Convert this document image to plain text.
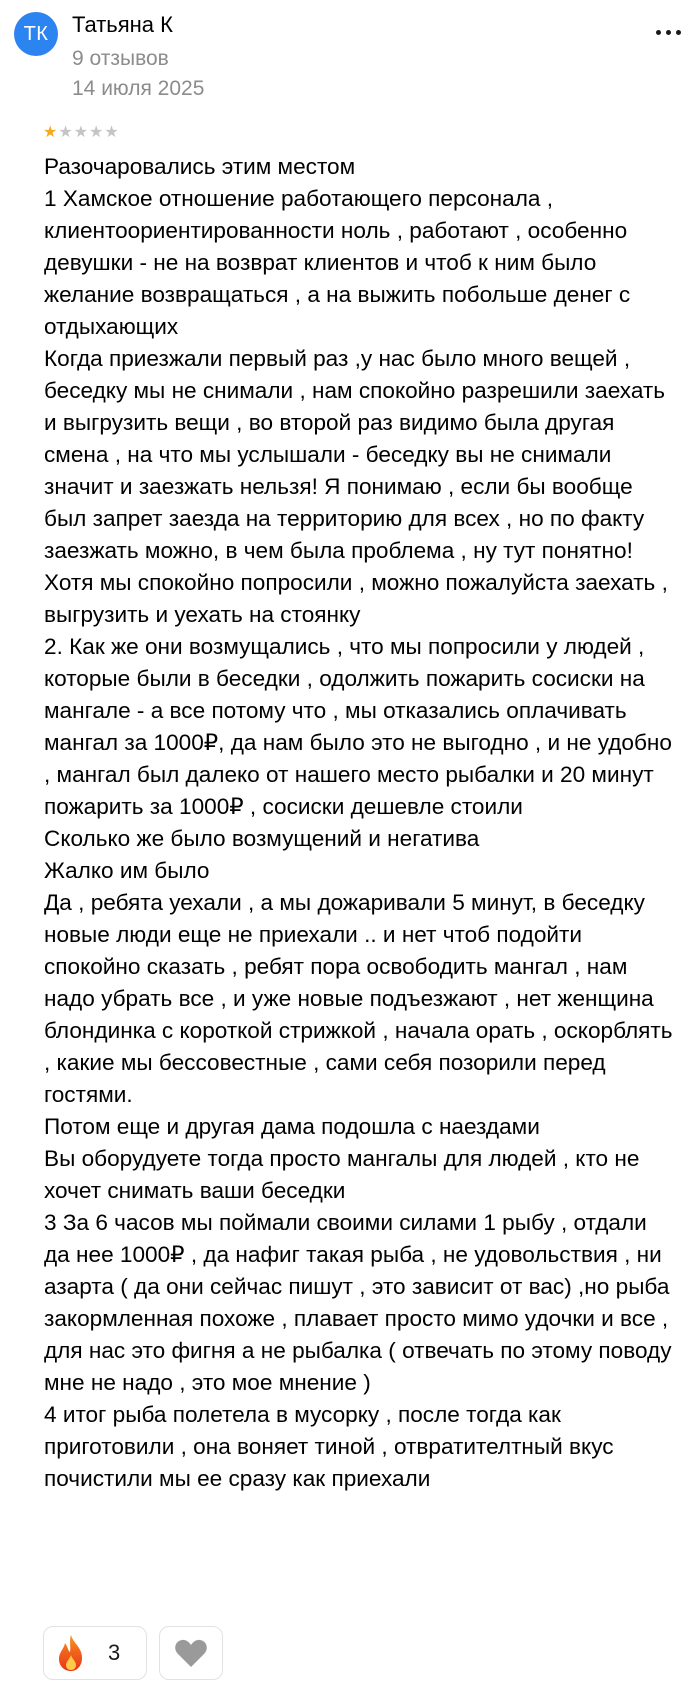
ТК	Татьяна К
9 отзывов
14 июля 2025
★ ★ ★ ★ ★

Разочаровались этим местом

1 Хамское отношение работающего персонала , клиентоориентированности ноль , работают , особенно девушки - не на возврат клиентов и чтоб к ним было желание возвращаться , а на выжить побольше денег с отдыхающих

Когда приезжали первый раз ,у нас было много вещей , беседку мы не снимали , нам спокойно разрешили заехать и выгрузить вещи , во второй раз видимо была другая смена , на что мы услышали - беседку вы не снимали значит и заезжать нельзя! Я понимаю , если бы вообще был запрет заезда на территорию для всех , но по факту заезжать можно, в чем была проблема , ну тут понятно!

Хотя мы спокойно попросили , можно пожалуйста заехать , выгрузить и уехать на стоянку

2. Как же они возмущались , что мы попросили у людей , которые были в беседки , одолжить пожарить сосиски на мангале - а все потому что , мы отказались оплачивать мангал за 1000₽, да нам было это не выгодно , и не удобно , мангал был далеко от нашего место рыбалки и 20 минут пожарить за 1000₽ , сосиски дешевле стоили

Сколько же было возмущений и негатива

Жалко им было

Да , ребята уехали , а мы дожаривали 5 минут, в беседку новые люди еще не приехали .. и нет чтоб подойти спокойно сказать , ребят пора освободить мангал , нам надо убрать все , и уже новые подъезжают , нет женщина блондинка с короткой стрижкой , начала орать , оскорблять , какие мы бессовестные , сами себя позорили перед гостями.

Потом еще и другая дама подошла с наездами

Вы оборудуете тогда просто мангалы для людей , кто не хочет снимать ваши беседки

3 За 6 часов мы поймали своими силами 1 рыбу , отдали да нее 1000₽ , да нафиг такая рыба , не удовольствия , ни азарта ( да они сейчас пишут , это зависит от вас) ,но рыба закормленная похоже , плавает просто мимо удочки и все , для нас это фигня а не рыбалка ( отвечать по этому поводу мне не надо , это мое мнение )

4 итог рыба полетела в мусорку , после тогда как приготовили , она воняет тиной , отвратителтный вкус почистили мы ее сразу как приехали

3
